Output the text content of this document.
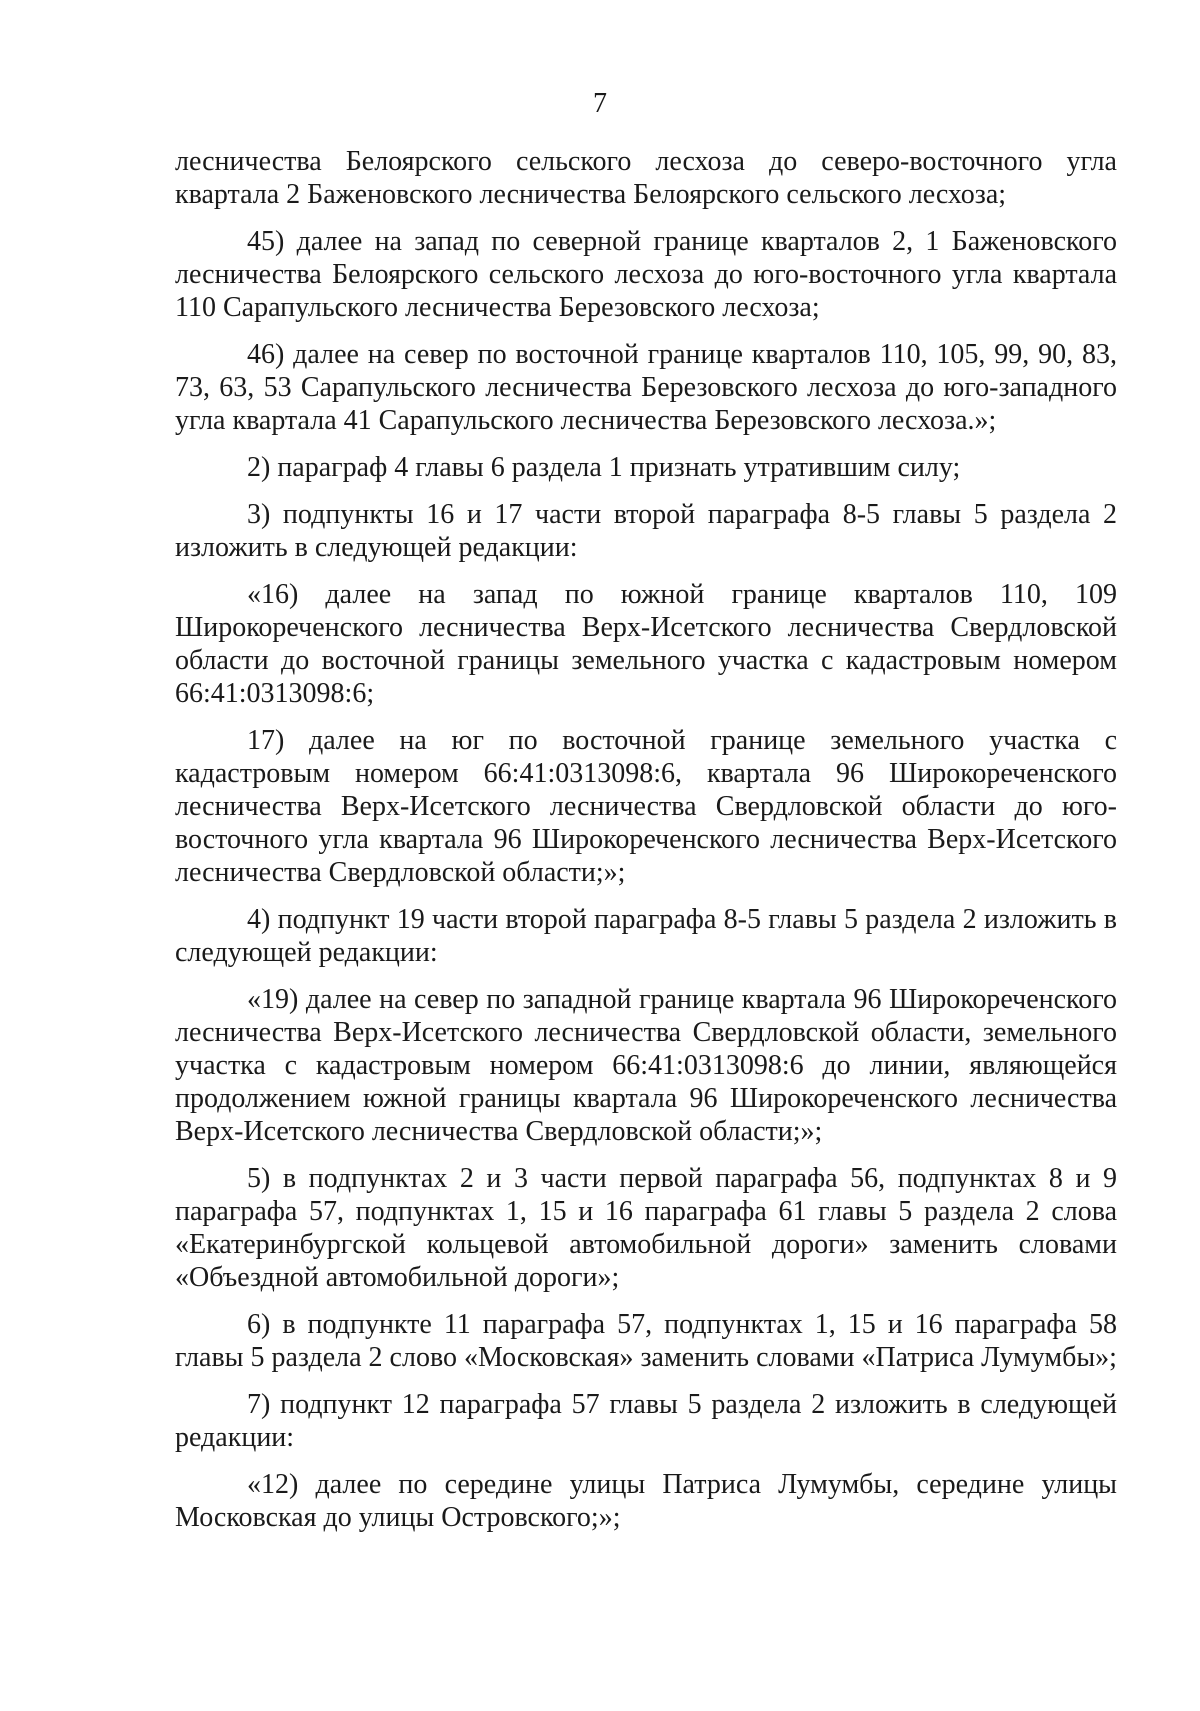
7

лесничества Белоярского сельского лесхоза до северо-восточного угла квартала 2 Баженовского лесничества Белоярского сельского лесхоза;

45) далее на запад по северной границе кварталов 2, 1 Баженовского лесничества Белоярского сельского лесхоза до юго-восточного угла квартала 110 Сарапульского лесничества Березовского лесхоза;

46) далее на север по восточной границе кварталов 110, 105, 99, 90, 83, 73, 63, 53 Сарапульского лесничества Березовского лесхоза до юго-западного угла квартала 41 Сарапульского лесничества Березовского лесхоза.»;

2) параграф 4 главы 6 раздела 1 признать утратившим силу;

3) подпункты 16 и 17 части второй параграфа 8-5 главы 5 раздела 2 изложить в следующей редакции:

«16) далее на запад по южной границе кварталов 110, 109 Широкореченского лесничества Верх-Исетского лесничества Свердловской области до восточной границы земельного участка с кадастровым номером 66:41:0313098:6;

17) далее на юг по восточной границе земельного участка с кадастровым номером 66:41:0313098:6, квартала 96 Широкореченского лесничества Верх-Исетского лесничества Свердловской области до юго-восточного угла квартала 96 Широкореченского лесничества Верх-Исетского лесничества Свердловской области;»;

4) подпункт 19 части второй параграфа 8-5 главы 5 раздела 2 изложить в следующей редакции:

«19) далее на север по западной границе квартала 96 Широкореченского лесничества Верх-Исетского лесничества Свердловской области, земельного участка с кадастровым номером 66:41:0313098:6 до линии, являющейся продолжением южной границы квартала 96 Широкореченского лесничества Верх-Исетского лесничества Свердловской области;»;

5) в подпунктах 2 и 3 части первой параграфа 56, подпунктах 8 и 9 параграфа 57, подпунктах 1, 15 и 16 параграфа 61 главы 5 раздела 2 слова «Екатеринбургской кольцевой автомобильной дороги» заменить словами «Объездной автомобильной дороги»;

6) в подпункте 11 параграфа 57, подпунктах 1, 15 и 16 параграфа 58 главы 5 раздела 2 слово «Московская» заменить словами «Патриса Лумумбы»;

7) подпункт 12 параграфа 57 главы 5 раздела 2 изложить в следующей редакции:

«12) далее по середине улицы Патриса Лумумбы, середине улицы Московская до улицы Островского;»;
